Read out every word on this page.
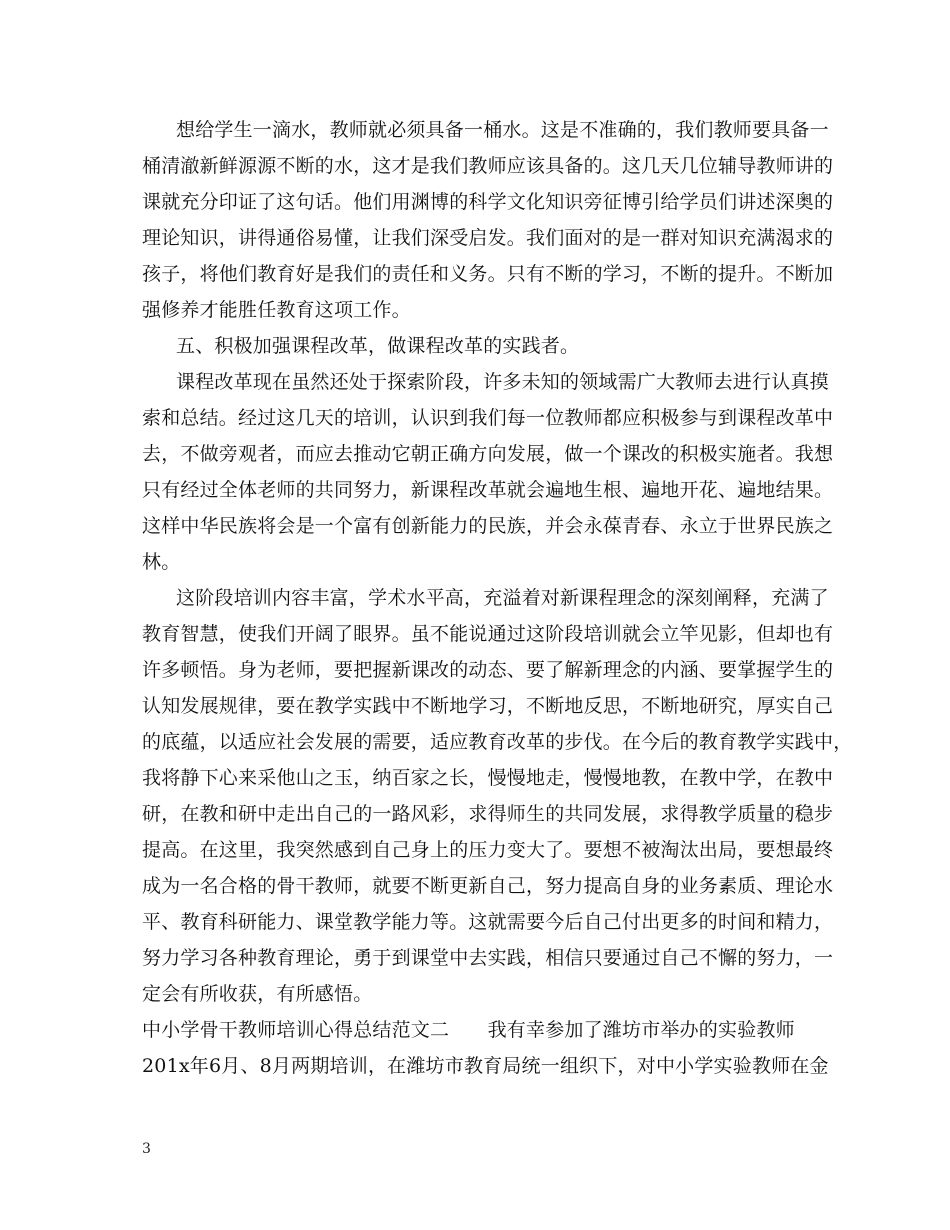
想给学生一滴水，教师就必须具备一桶水。这是不准确的，我们教师要具备一
桶清澈新鲜源源不断的水，这才是我们教师应该具备的。这几天几位辅导教师讲的
课就充分印证了这句话。他们用渊博的科学文化知识旁征博引给学员们讲述深奥的
理论知识，讲得通俗易懂，让我们深受启发。我们面对的是一群对知识充满渴求的
孩子，将他们教育好是我们的责任和义务。只有不断的学习，不断的提升。不断加
强修养才能胜任教育这项工作。
五、积极加强课程改革，做课程改革的实践者。
课程改革现在虽然还处于探索阶段，许多未知的领域需广大教师去进行认真摸
索和总结。经过这几天的培训，认识到我们每一位教师都应积极参与到课程改革中
去，不做旁观者，而应去推动它朝正确方向发展，做一个课改的积极实施者。我想
只有经过全体老师的共同努力，新课程改革就会遍地生根、遍地开花、遍地结果。
这样中华民族将会是一个富有创新能力的民族，并会永葆青春、永立于世界民族之
林。
这阶段培训内容丰富，学术水平高，充溢着对新课程理念的深刻阐释，充满了
教育智慧，使我们开阔了眼界。虽不能说通过这阶段培训就会立竿见影，但却也有
许多顿悟。身为老师，要把握新课改的动态、要了解新理念的内涵、要掌握学生的
认知发展规律，要在教学实践中不断地学习，不断地反思，不断地研究，厚实自己
的底蕴，以适应社会发展的需要，适应教育改革的步伐。在今后的教育教学实践中，
我将静下心来采他山之玉，纳百家之长，慢慢地走，慢慢地教，在教中学，在教中
研，在教和研中走出自己的一路风彩，求得师生的共同发展，求得教学质量的稳步
提高。在这里，我突然感到自己身上的压力变大了。要想不被淘汰出局，要想最终
成为一名合格的骨干教师，就要不断更新自己，努力提高自身的业务素质、理论水
平、教育科研能力、课堂教学能力等。这就需要今后自己付出更多的时间和精力，
努力学习各种教育理论，勇于到课堂中去实践，相信只要通过自己不懈的努力，一
定会有所收获，有所感悟。
中小学骨干教师培训心得总结范文二　　我有幸参加了潍坊市举办的实验教师
201x年6月、8月两期培训，在潍坊市教育局统一组织下，对中小学实验教师在金
3
